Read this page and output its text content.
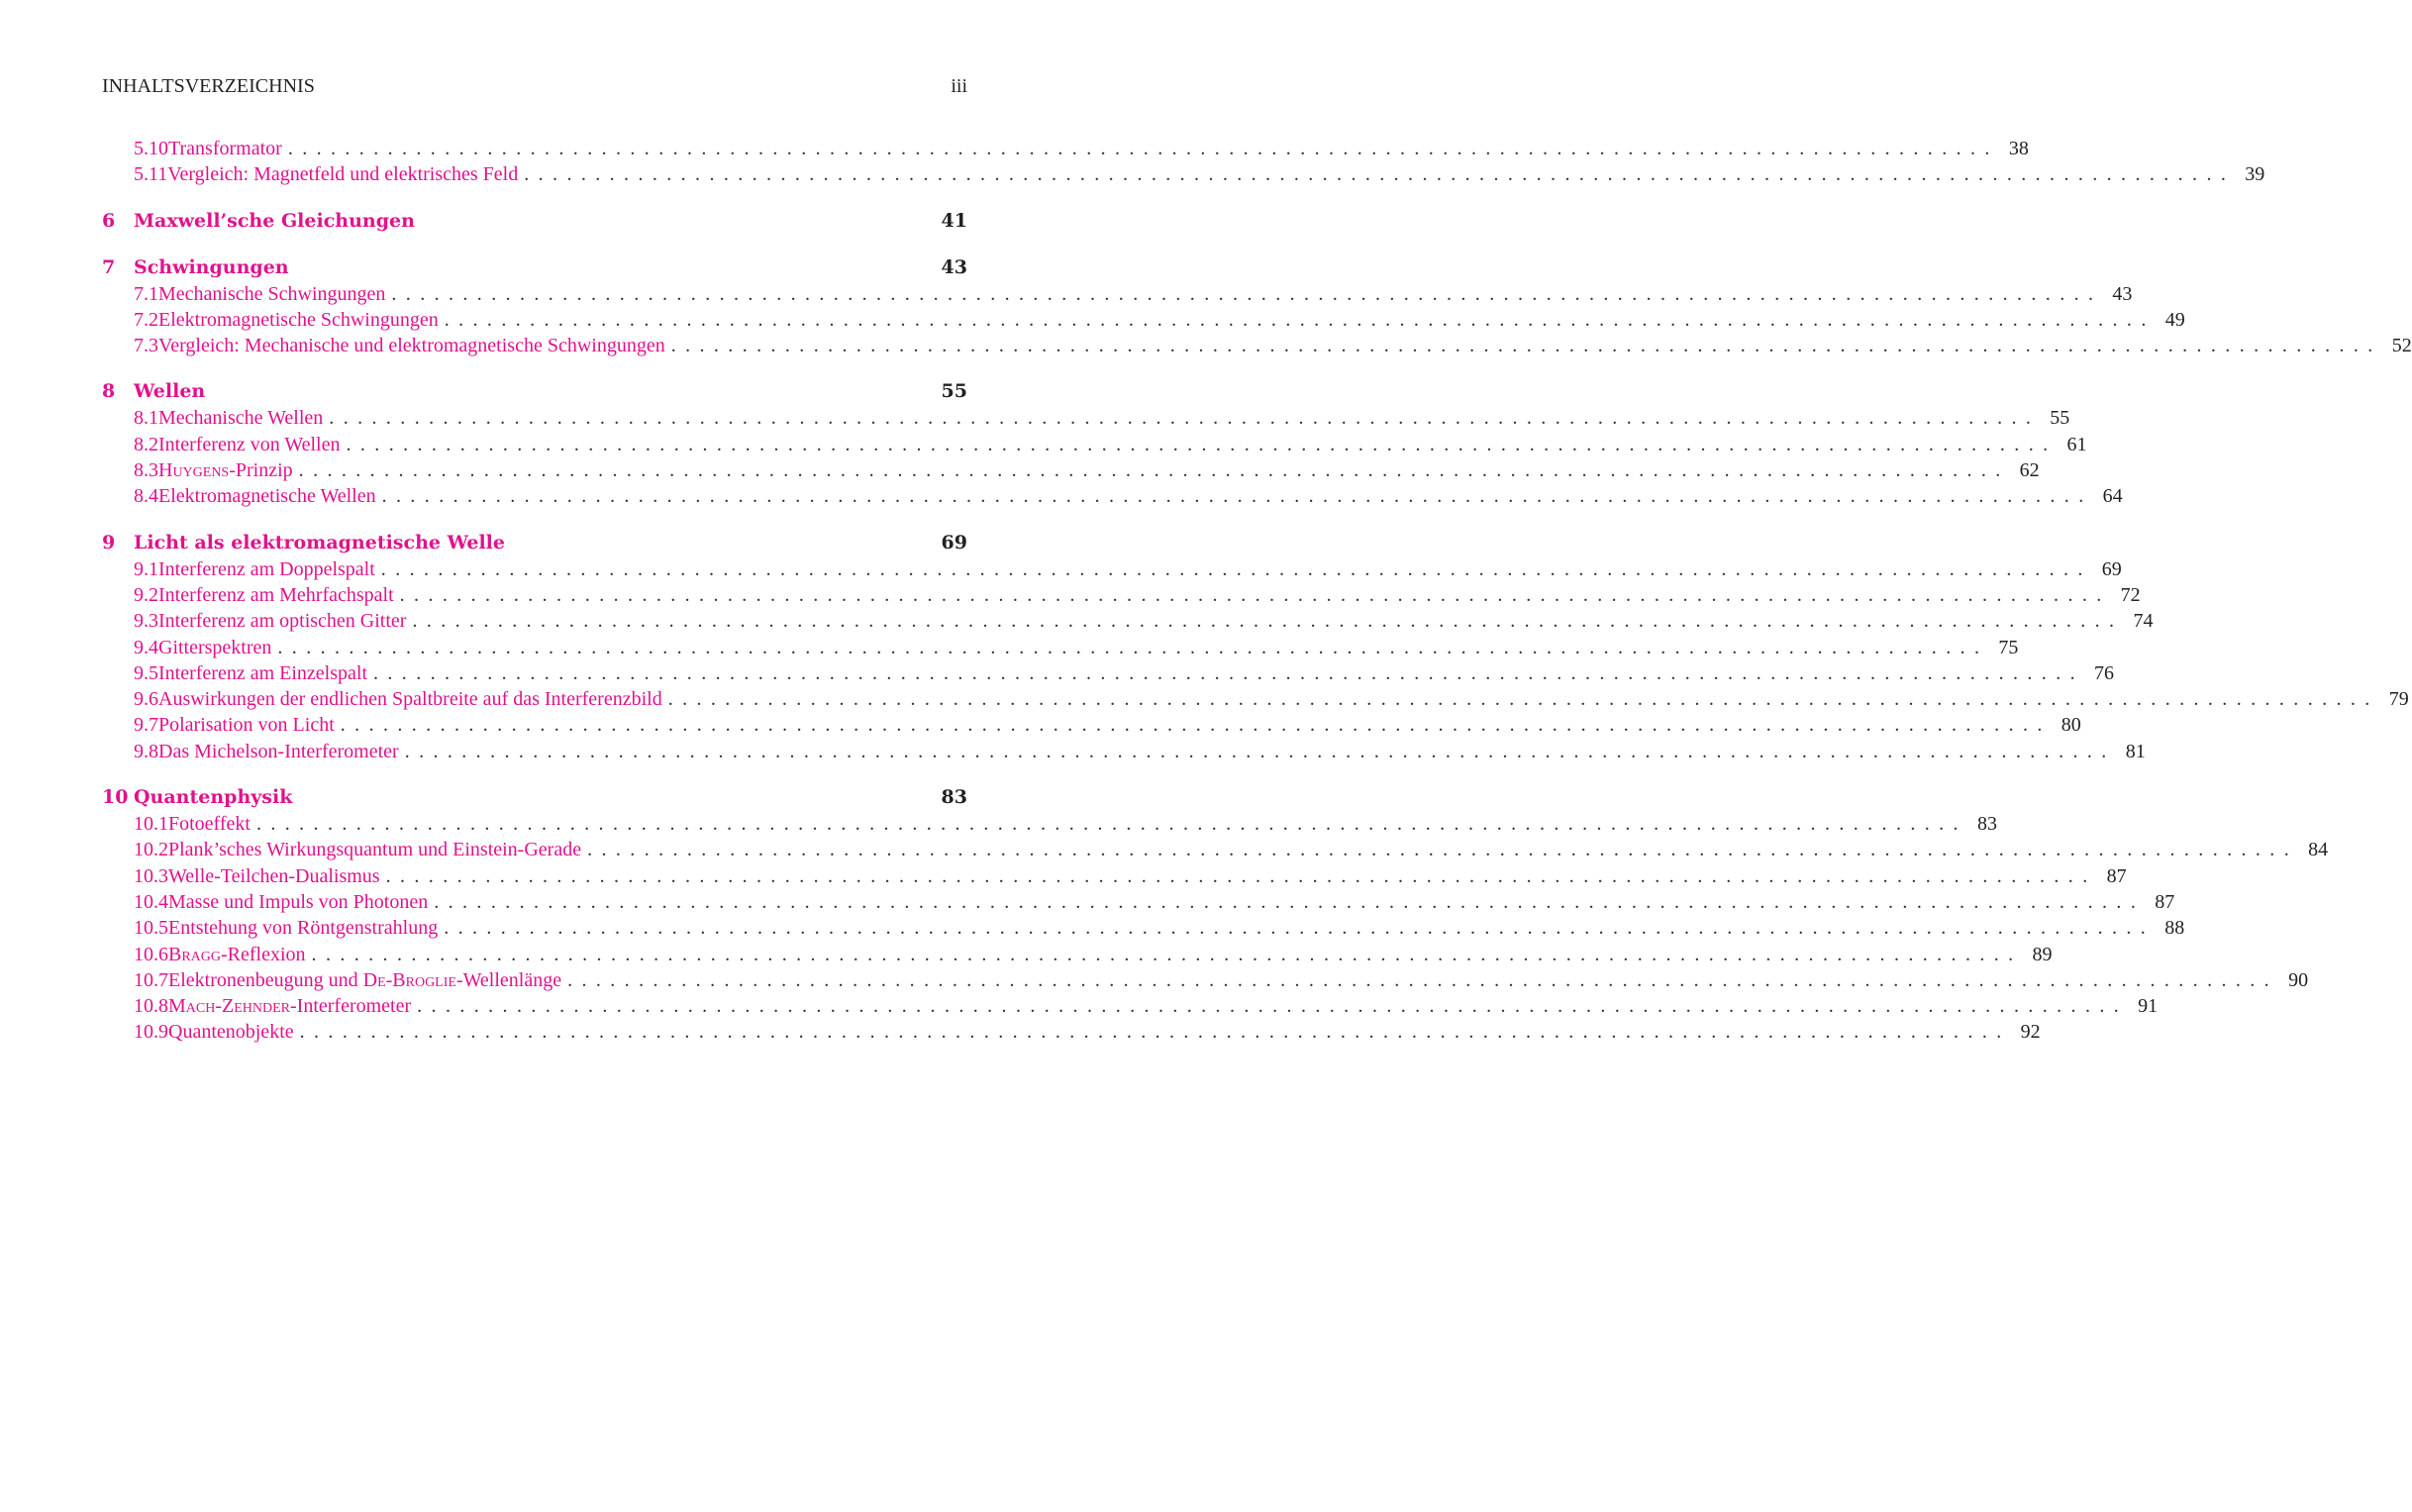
INHALTSVERZEICHNIS	iii
5.10 Transformator ........................................................................................................................ 38
5.11 Vergleich: Magnetfeld und elektrisches Feld ........................................................................................................................ 39
6 Maxwell’sche Gleichungen	41
7 Schwingungen	43
7.1 Mechanische Schwingungen ........................................................................................................................ 43
7.2 Elektromagnetische Schwingungen ........................................................................................................................ 49
7.3 Vergleich: Mechanische und elektromagnetische Schwingungen ........................................................................................................................ 52
8 Wellen	55
8.1 Mechanische Wellen ........................................................................................................................ 55
8.2 Interferenz von Wellen ........................................................................................................................ 61
8.3 Huygens-Prinzip ........................................................................................................................ 62
8.4 Elektromagnetische Wellen ........................................................................................................................ 64
9 Licht als elektromagnetische Welle	69
9.1 Interferenz am Doppelspalt ........................................................................................................................ 69
9.2 Interferenz am Mehrfachspalt ........................................................................................................................ 72
9.3 Interferenz am optischen Gitter ........................................................................................................................ 74
9.4 Gitterspektren ........................................................................................................................ 75
9.5 Interferenz am Einzelspalt ........................................................................................................................ 76
9.6 Auswirkungen der endlichen Spaltbreite auf das Interferenzbild ........................................................................................................................ 79
9.7 Polarisation von Licht ........................................................................................................................ 80
9.8 Das Michelson-Interferometer ........................................................................................................................ 81
10 Quantenphysik	83
10.1 Fotoeffekt ........................................................................................................................ 83
10.2 Plank’sches Wirkungsquantum und Einstein-Gerade ........................................................................................................................ 84
10.3 Welle-Teilchen-Dualismus ........................................................................................................................ 87
10.4 Masse und Impuls von Photonen ........................................................................................................................ 87
10.5 Entstehung von Röntgenstrahlung ........................................................................................................................ 88
10.6 Bragg-Reflexion ........................................................................................................................ 89
10.7 Elektronenbeugung und De-Broglie-Wellenlänge ........................................................................................................................ 90
10.8 Mach-Zehnder-Interferometer ........................................................................................................................ 91
10.9 Quantenobjekte ........................................................................................................................ 92
